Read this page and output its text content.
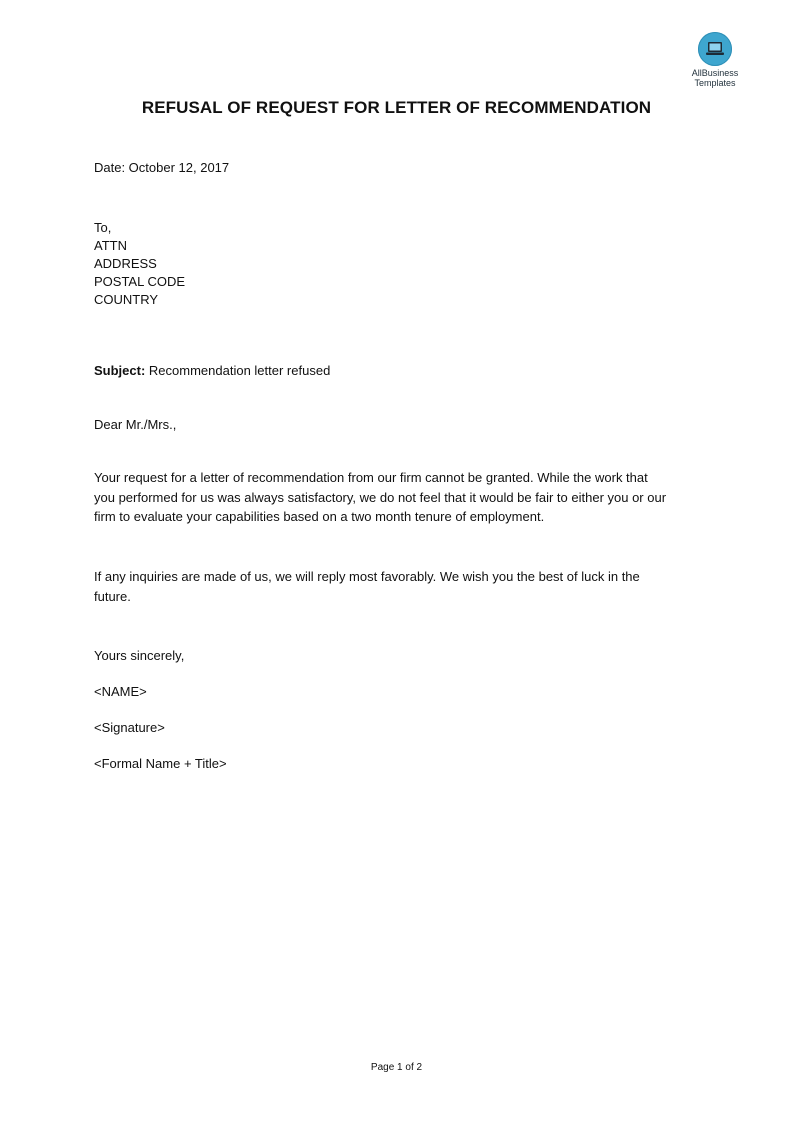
AllBusiness
Templates
REFUSAL OF REQUEST FOR LETTER OF RECOMMENDATION
Date: October 12, 2017
To,
ATTN
ADDRESS
POSTAL CODE
COUNTRY
Subject: Recommendation letter refused
Dear Mr./Mrs.,
Your request for a letter of recommendation from our firm cannot be granted. While the work that
you performed for us was always satisfactory, we do not feel that it would be fair to either you or our
firm to evaluate your capabilities based on a two month tenure of employment.
If any inquiries are made of us, we will reply most favorably. We wish you the best of luck in the
future.
Yours sincerely,
<NAME>
<Signature>
<Formal Name + Title>
Page 1 of 2
